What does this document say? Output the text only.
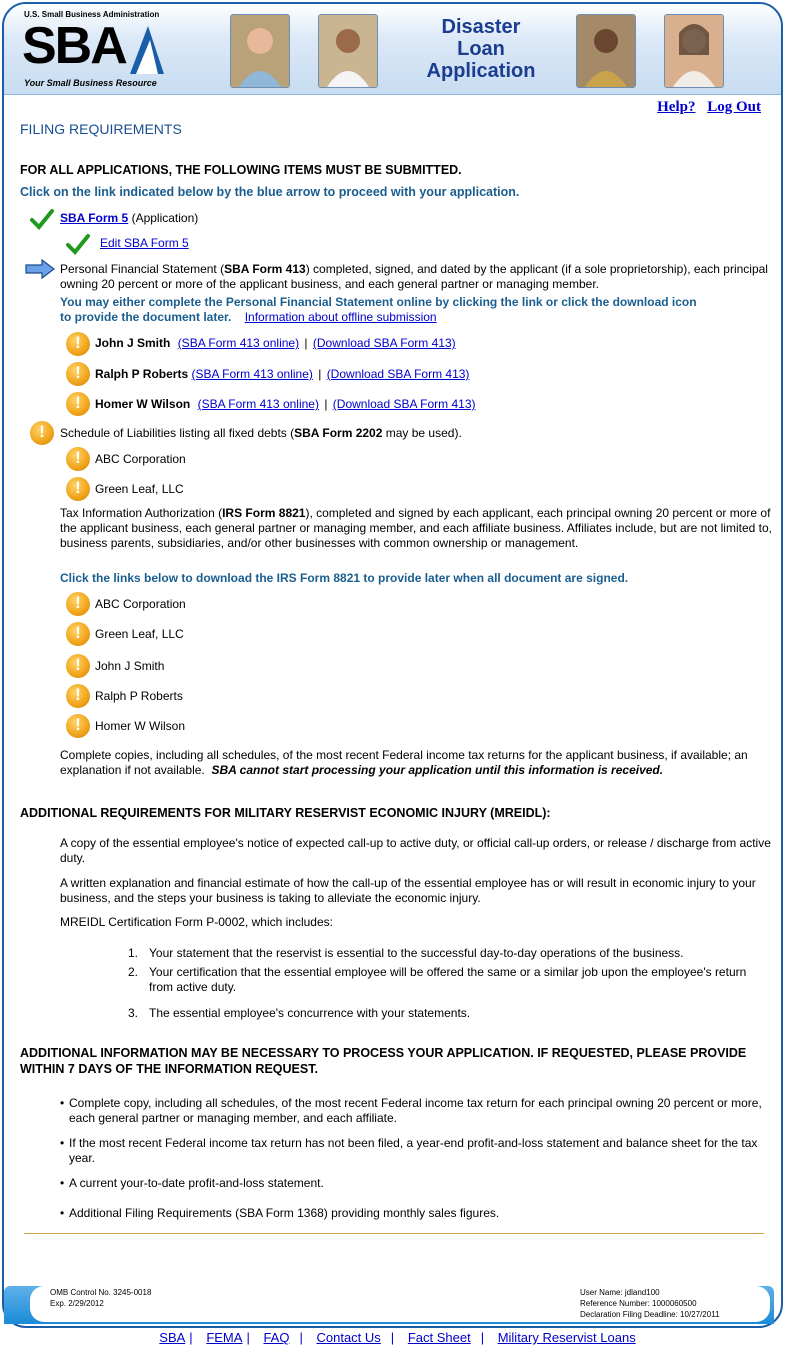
U.S. Small Business Administration
SBA
Your Small Business Resource
Disaster
Loan
Application
Help? Log Out
FILING REQUIREMENTS
FOR ALL APPLICATIONS, THE FOLLOWING ITEMS MUST BE SUBMITTED.
Click on the link indicated below by the blue arrow to proceed with your application.
SBA Form 5 (Application)
Edit SBA Form 5

Personal Financial Statement (SBA Form 413) completed, signed, and dated by the applicant (if a sole proprietorship), each principal owning 20 percent or more of the applicant business, and each general partner or managing member.

You may either complete the Personal Financial Statement online by clicking the link or click the download icon to provide the document later. Information about offline submission
!
John J Smith (SBA Form 413 online) | (Download SBA Form 413)
!
Ralph P Roberts (SBA Form 413 online) | (Download SBA Form 413)
!
Homer W Wilson (SBA Form 413 online) | (Download SBA Form 413)
!
Schedule of Liabilities listing all fixed debts (SBA Form 2202 may be used).
!
ABC Corporation
!
Green Leaf, LLC

Tax Information Authorization (IRS Form 8821), completed and signed by each applicant, each principal owning 20 percent or more of the applicant business, each general partner or managing member, and each affiliate business. Affiliates include, but are not limited to, business parents, subsidiaries, and/or other businesses with common ownership or management.

Click the links below to download the IRS Form 8821 to provide later when all document are signed.
!
ABC Corporation
!
Green Leaf, LLC
!
John J Smith
!
Ralph P Roberts
!
Homer W Wilson

Complete copies, including all schedules, of the most recent Federal income tax returns for the applicant business, if available; an explanation if not available. SBA cannot start processing your application until this information is received.

ADDITIONAL REQUIREMENTS FOR MILITARY RESERVIST ECONOMIC INJURY (MREIDL):

A copy of the essential employee's notice of expected call-up to active duty, or official call-up orders, or release / discharge from active duty.

A written explanation and financial estimate of how the call-up of the essential employee has or will result in economic injury to your business, and the steps your business is taking to alleviate the economic injury.

MREIDL Certification Form P-0002, which includes:

1. Your statement that the reservist is essential to the successful day-to-day operations of the business.

2. Your certification that the essential employee will be offered the same or a similar job upon the employee's return from active duty.

3. The essential employee's concurrence with your statements.

ADDITIONAL INFORMATION MAY BE NECESSARY TO PROCESS YOUR APPLICATION. IF REQUESTED, PLEASE PROVIDE WITHIN 7 DAYS OF THE INFORMATION REQUEST.
• Complete copy, including all schedules, of the most recent Federal income tax return for each principal owning 20 percent or more, each general partner or managing member, and each affiliate.

• If the most recent Federal income tax return has not been filed, a year-end profit-and-loss statement and balance sheet for the tax year.

• A current your-to-date profit-and-loss statement.

• Additional Filing Requirements (SBA Form 1368) providing monthly sales figures.

OMB Control No. 3245-0018
Exp. 2/29/2012
User Name: jdland100
Reference Number: 1000060500
Declaration Filing Deadline: 10/27/2011
SBA | FEMA | FAQ | Contact Us | Fact Sheet | Military Reservist Loans
